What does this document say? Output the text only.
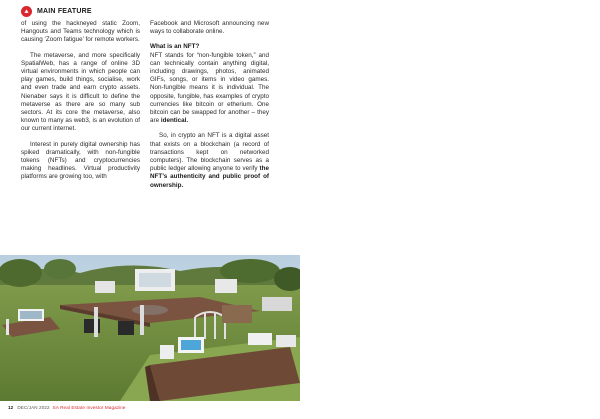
MAIN FEATURE

of using the hackneyed static Zoom, Hangouts and Teams technology which is causing ‘Zoom fatigue’ for remote workers.

The metaverse, and more specifically SpatialWeb, has a range of online 3D virtual environments in which people can play games, build things, socialise, work and even trade and earn crypto assets. Nienaber says it is difficult to define the metaverse as there are so many sub sectors. At its core the metaverse, also known to many as web3, is an evolution of our current internet.

Interest in purely digital ownership has spiked dramatically, with non-fungible tokens (NFTs) and cryptocurrencies making headlines. Virtual productivity platforms are growing too, with

Facebook and Microsoft announcing new ways to collaborate online.

What is an NFT?

NFT stands for “non-fungible token,” and can technically contain anything digital, including drawings, photos, animated GIFs, songs, or items in video games. Non-fungible means it is individual. The opposite, fungible, has examples of crypto currencies like bitcoin or etherium. One bitcoin can be swapped for another – they are identical.

So, in crypto an NFT is a digital asset that exists on a blockchain (a record of transactions kept on networked computers). The blockchain serves as a public ledger allowing anyone to verify the NFT’s authenticity and public proof of ownership.

12 DEC/JAN 2022 SA Real Estate Investor Magazine
